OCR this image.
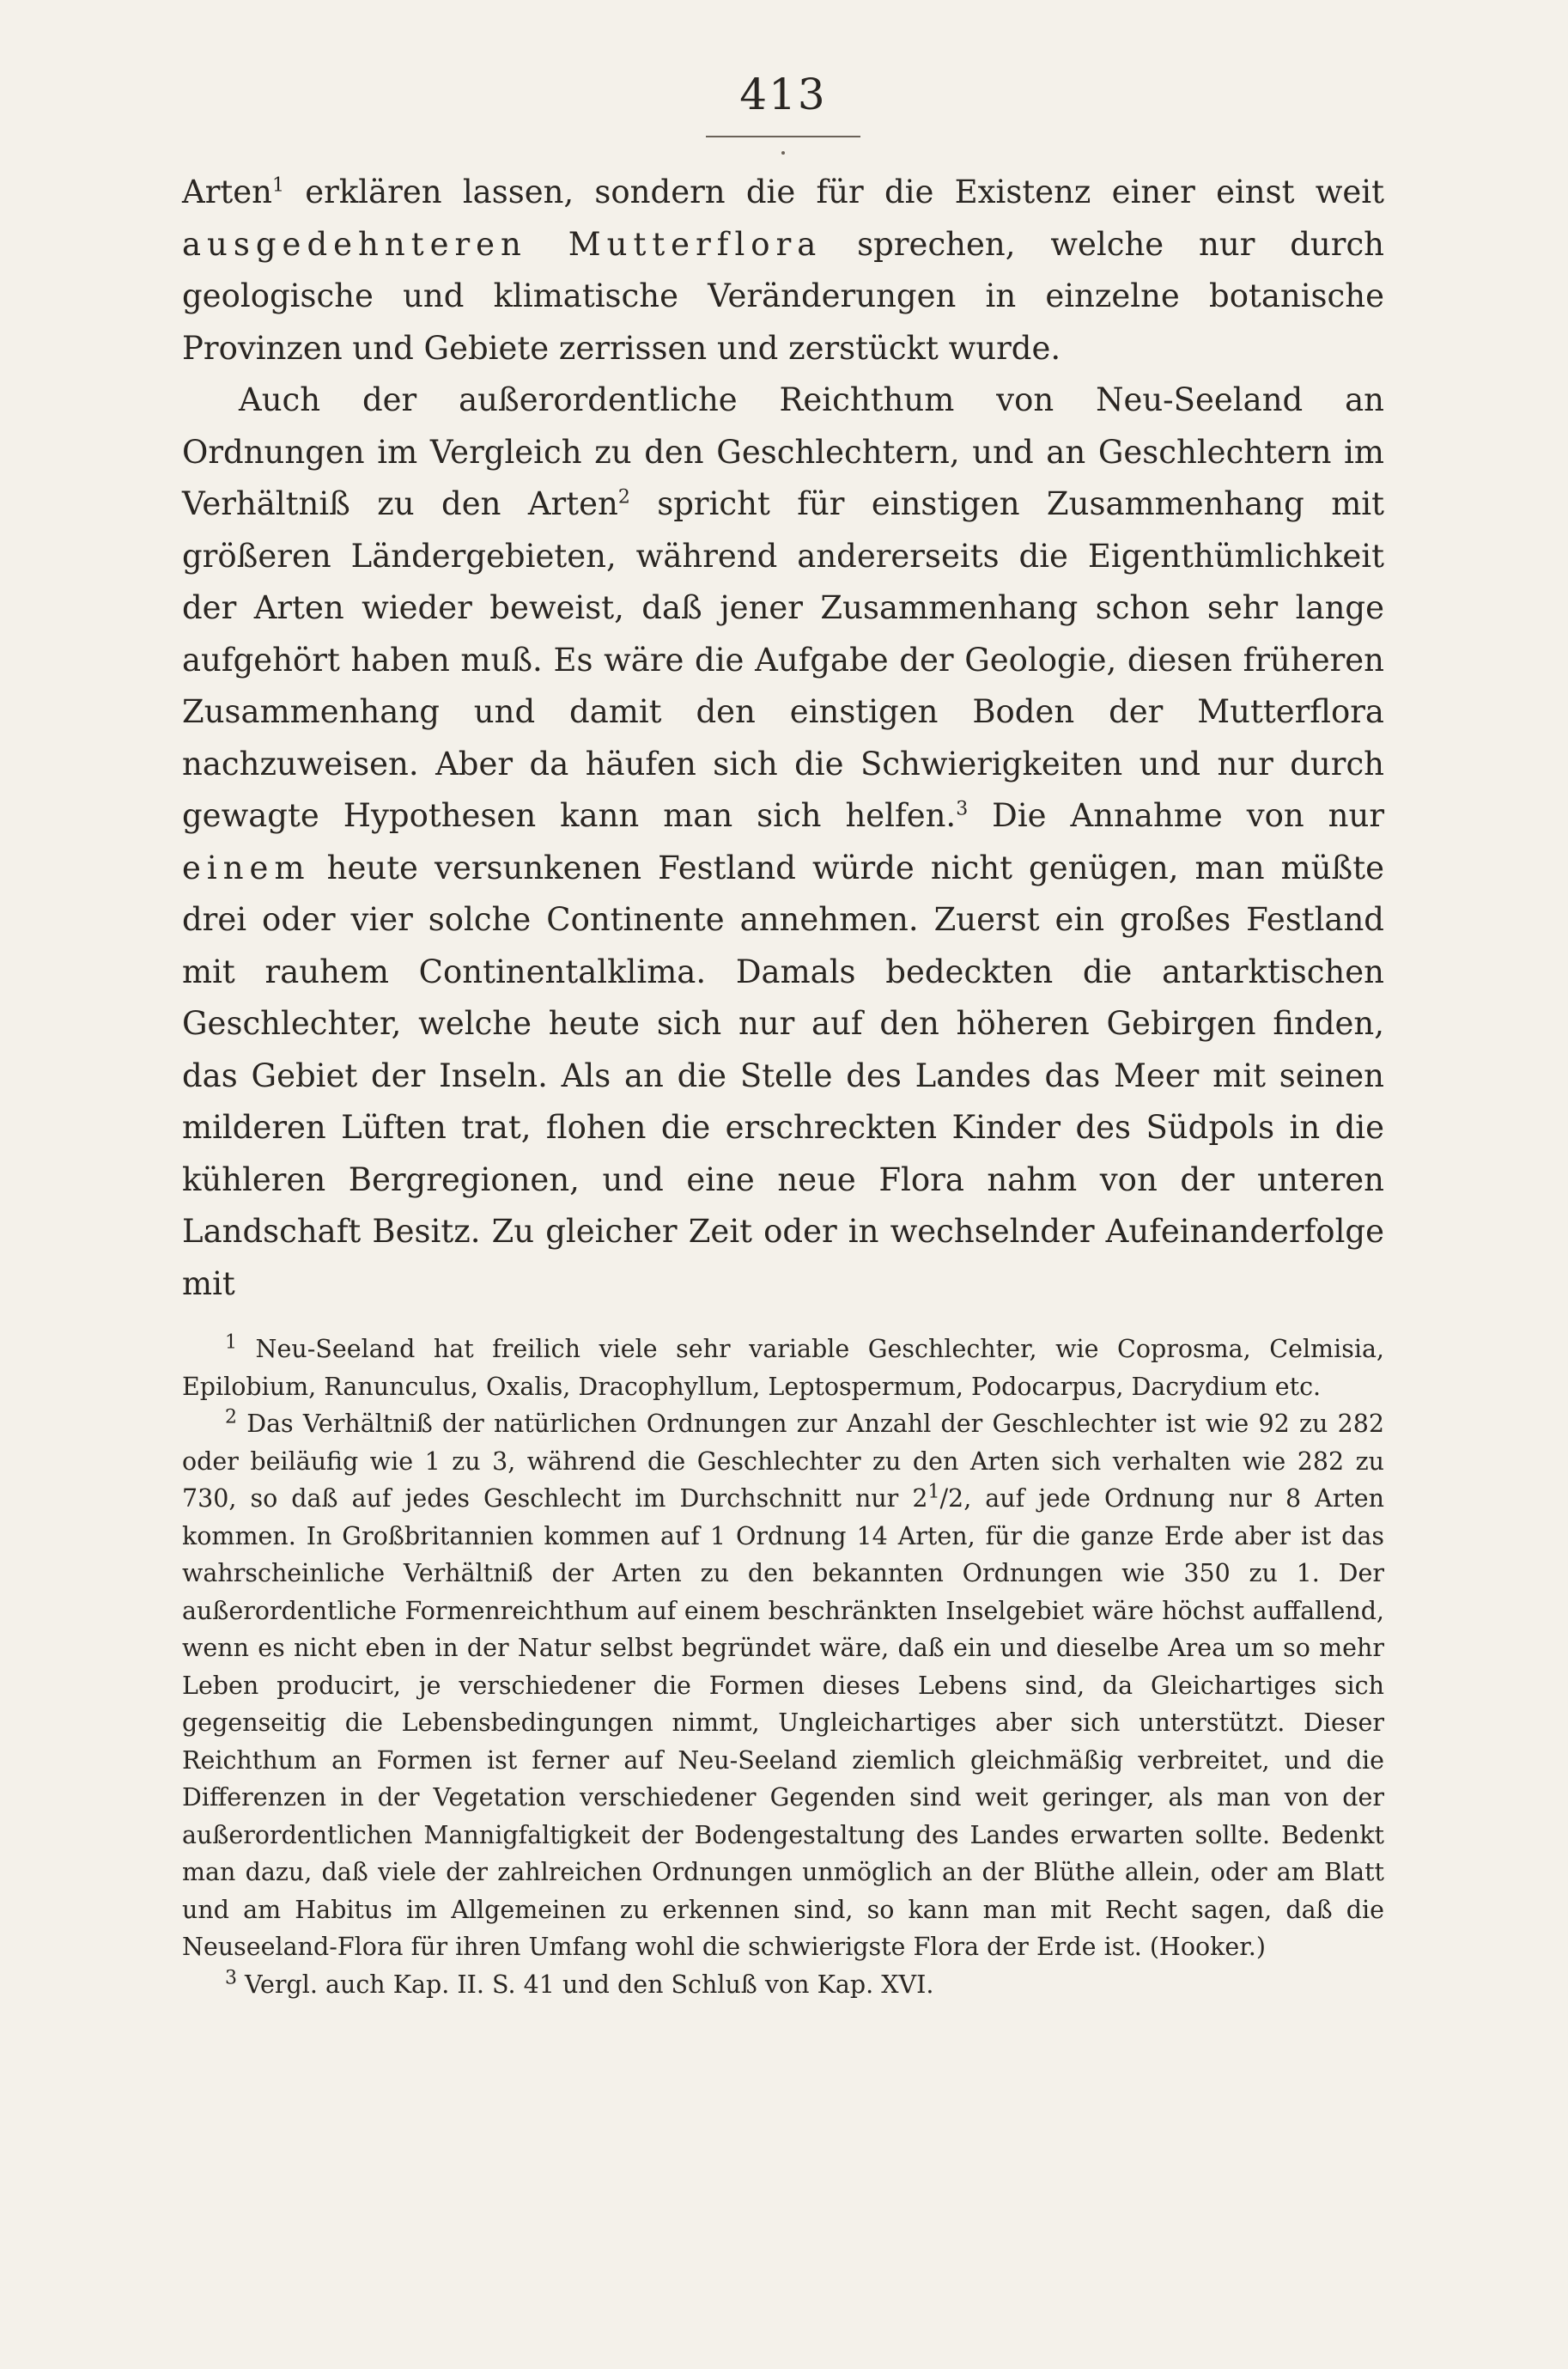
413

Arten$^1$ erklären lassen, sondern die für die Existenz einer einst weit ausgedehnteren Mutterflora sprechen, welche nur durch geologische und klimatische Veränderungen in einzelne botanische Provinzen und Gebiete zerrissen und zerstückt wurde.

Auch der außerordentliche Reichthum von Neu-Seeland an Ordnungen im Vergleich zu den Geschlechtern, und an Geschlechtern im Verhältniß zu den Arten$^2$ spricht für einstigen Zusammenhang mit größeren Ländergebieten, während andererseits die Eigenthümlichkeit der Arten wieder beweist, daß jener Zusammenhang schon sehr lange aufgehört haben muß. Es wäre die Aufgabe der Geologie, diesen früheren Zusammenhang und damit den einstigen Boden der Mutterflora nachzuweisen. Aber da häufen sich die Schwierigkeiten und nur durch gewagte Hypothesen kann man sich helfen.$^3$ Die Annahme von nur einem heute versunkenen Festland würde nicht genügen, man müßte drei oder vier solche Continente annehmen. Zuerst ein großes Festland mit rauhem Continentalklima. Damals bedeckten die antarktischen Geschlechter, welche heute sich nur auf den höheren Gebirgen finden, das Gebiet der Inseln. Als an die Stelle des Landes das Meer mit seinen milderen Lüften trat, flohen die erschreckten Kinder des Südpols in die kühleren Bergregionen, und eine neue Flora nahm von der unteren Landschaft Besitz. Zu gleicher Zeit oder in wechselnder Aufeinanderfolge mit

$^1$ Neu-Seeland hat freilich viele sehr variable Geschlechter, wie Coprosma, Celmisia, Epilobium, Ranunculus, Oxalis, Dracophyllum, Leptospermum, Podocarpus, Dacrydium etc.

$^2$ Das Verhältniß der natürlichen Ordnungen zur Anzahl der Geschlechter ist wie 92 zu 282 oder beiläufig wie 1 zu 3, während die Geschlechter zu den Arten sich verhalten wie 282 zu 730, so daß auf jedes Geschlecht im Durchschnitt nur $2^1/2$, auf jede Ordnung nur 8 Arten kommen. In Großbritannien kommen auf 1 Ordnung 14 Arten, für die ganze Erde aber ist das wahrscheinliche Verhältniß der Arten zu den bekannten Ordnungen wie 350 zu 1. Der außerordentliche Formenreichthum auf einem beschränkten Inselgebiet wäre höchst auffallend, wenn es nicht eben in der Natur selbst begründet wäre, daß ein und dieselbe Area um so mehr Leben producirt, je verschiedener die Formen dieses Lebens sind, da Gleichartiges sich gegenseitig die Lebensbedingungen nimmt, Ungleichartiges aber sich unterstützt. Dieser Reichthum an Formen ist ferner auf Neu-Seeland ziemlich gleichmäßig verbreitet, und die Differenzen in der Vegetation verschiedener Gegenden sind weit geringer, als man von der außerordentlichen Mannigfaltigkeit der Bodengestaltung des Landes erwarten sollte. Bedenkt man dazu, daß viele der zahlreichen Ordnungen unmöglich an der Blüthe allein, oder am Blatt und am Habitus im Allgemeinen zu erkennen sind, so kann man mit Recht sagen, daß die Neuseeland-Flora für ihren Umfang wohl die schwierigste Flora der Erde ist. (Hooker.)

$^3$ Vergl. auch Kap. II. S. 41 und den Schluß von Kap. XVI.
